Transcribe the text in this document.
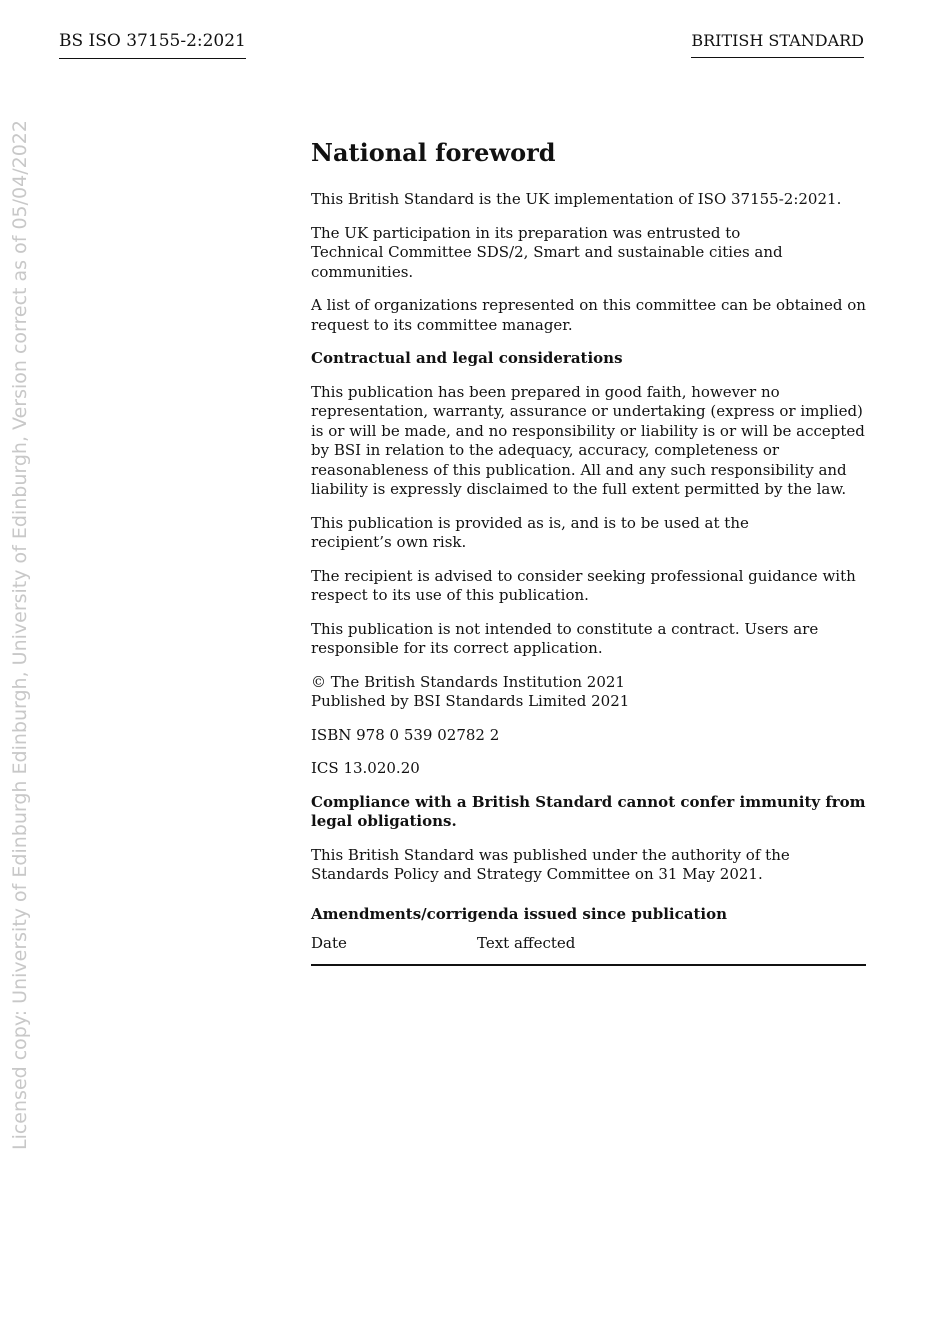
BS ISO 37155-2:2021	BRITISH STANDARD
Licensed copy: University of Edinburgh Edinburgh, University of Edinburgh, Version correct as of 05/04/2022	National foreword

This British Standard is the UK implementation of ISO 37155-2:2021.

The UK participation in its preparation was entrusted to
Technical Committee SDS/2, Smart and sustainable cities and
communities.

A list of organizations represented on this committee can be obtained on request to its committee manager.

Contractual and legal considerations

This publication has been prepared in good faith, however no representation, warranty, assurance or undertaking (express or implied) is or will be made, and no responsibility or liability is or will be accepted by BSI in relation to the adequacy, accuracy, completeness or reasonableness of this publication. All and any such responsibility and liability is expressly disclaimed to the full extent permitted by the law.

This publication is provided as is, and is to be used at the
recipient’s own risk.

The recipient is advised to consider seeking professional guidance with respect to its use of this publication.

This publication is not intended to constitute a contract. Users are responsible for its correct application.

© The British Standards Institution 2021
Published by BSI Standards Limited 2021

ISBN 978 0 539 02782 2

ICS 13.020.20

Compliance with a British Standard cannot confer immunity from legal obligations.

This British Standard was published under the authority of the Standards Policy and Strategy Committee on 31 May 2021.

Amendments/corrigenda issued since publication
Date	Text affected
